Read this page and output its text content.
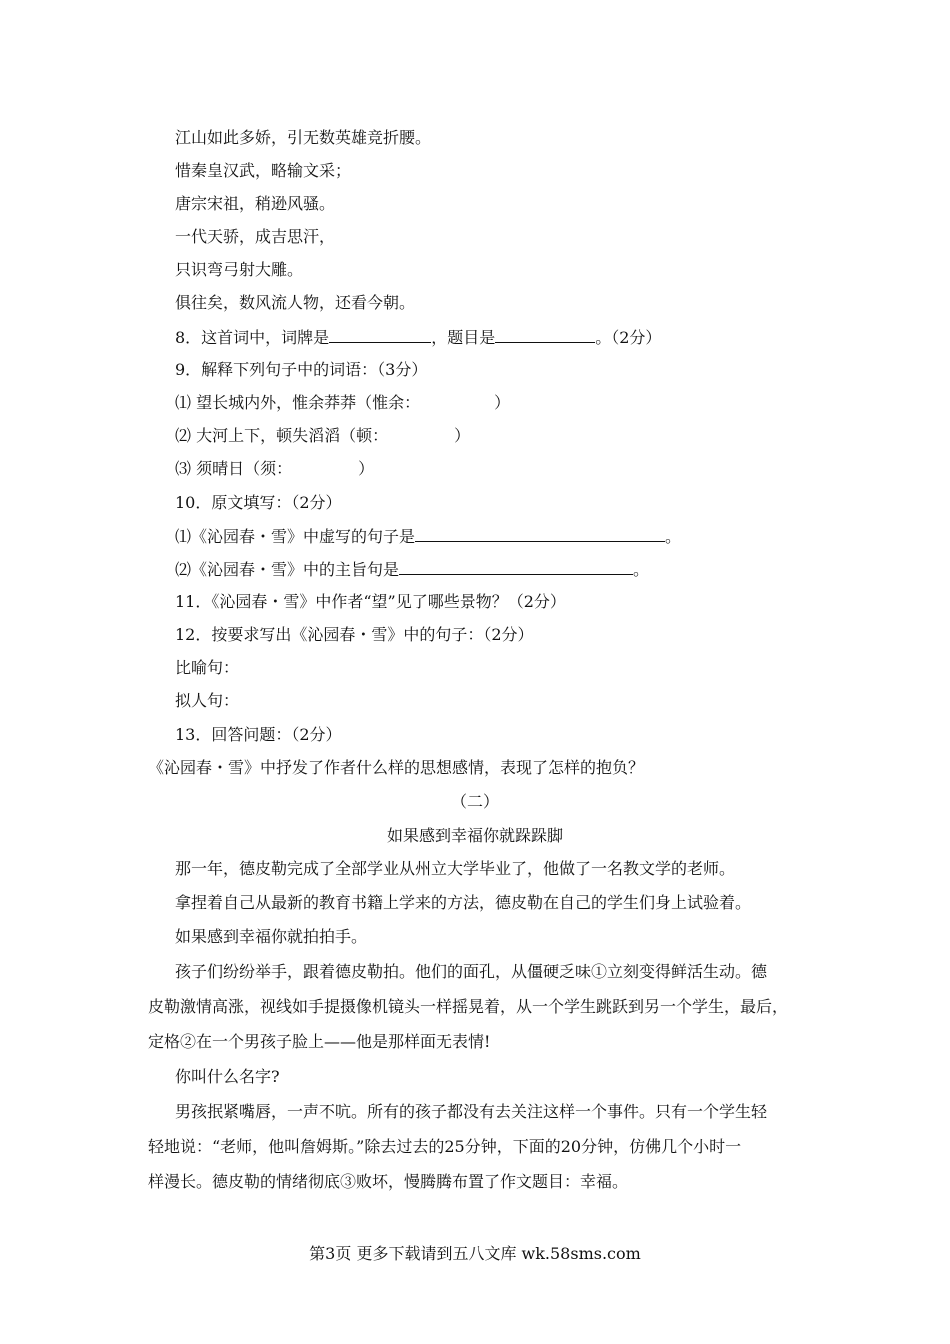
江山如此多娇，引无数英雄竞折腰。
惜秦皇汉武，略输文采；
唐宗宋祖，稍逊风骚。
一代天骄，成吉思汗，
只识弯弓射大雕。
俱往矣，数风流人物，还看今朝。
8．这首词中，词牌是	，题目是	。（2分）
9．解释下列句子中的词语：（3分）
⑴ 望长城内外，惟余莽莽（惟余：	）
⑵ 大河上下，顿失滔滔（顿：	）
⑶ 须晴日（须：	）
10．原文填写：（2分）
⑴《沁园春・雪》中虚写的句子是	。
⑵《沁园春・雪》中的主旨句是	。
11．《沁园春・雪》中作者“望”见了哪些景物？（2分）
12．按要求写出《沁园春・雪》中的句子：（2分）
比喻句：
拟人句：
13．回答问题：（2分）
《沁园春・雪》中抒发了作者什么样的思想感情，表现了怎样的抱负？
（二）
如果感到幸福你就跺跺脚
那一年，德皮勒完成了全部学业从州立大学毕业了，他做了一名教文学的老师。
拿捏着自己从最新的教育书籍上学来的方法，德皮勒在自己的学生们身上试验着。
如果感到幸福你就拍拍手。
孩子们纷纷举手，跟着德皮勒拍。他们的面孔，从僵硬乏味①立刻变得鲜活生动。德
皮勒激情高涨，视线如手提摄像机镜头一样摇晃着，从一个学生跳跃到另一个学生，最后，
定格②在一个男孩子脸上——他是那样面无表情!
你叫什么名字?
男孩抿紧嘴唇，一声不吭。所有的孩子都没有去关注这样一个事件。只有一个学生轻
轻地说：“老师，他叫詹姆斯。”除去过去的25分钟，下面的20分钟，仿佛几个小时一
样漫长。德皮勒的情绪彻底③败坏，慢腾腾布置了作文题目：幸福。
第3页 更多下载请到五八文库 wk.58sms.com
